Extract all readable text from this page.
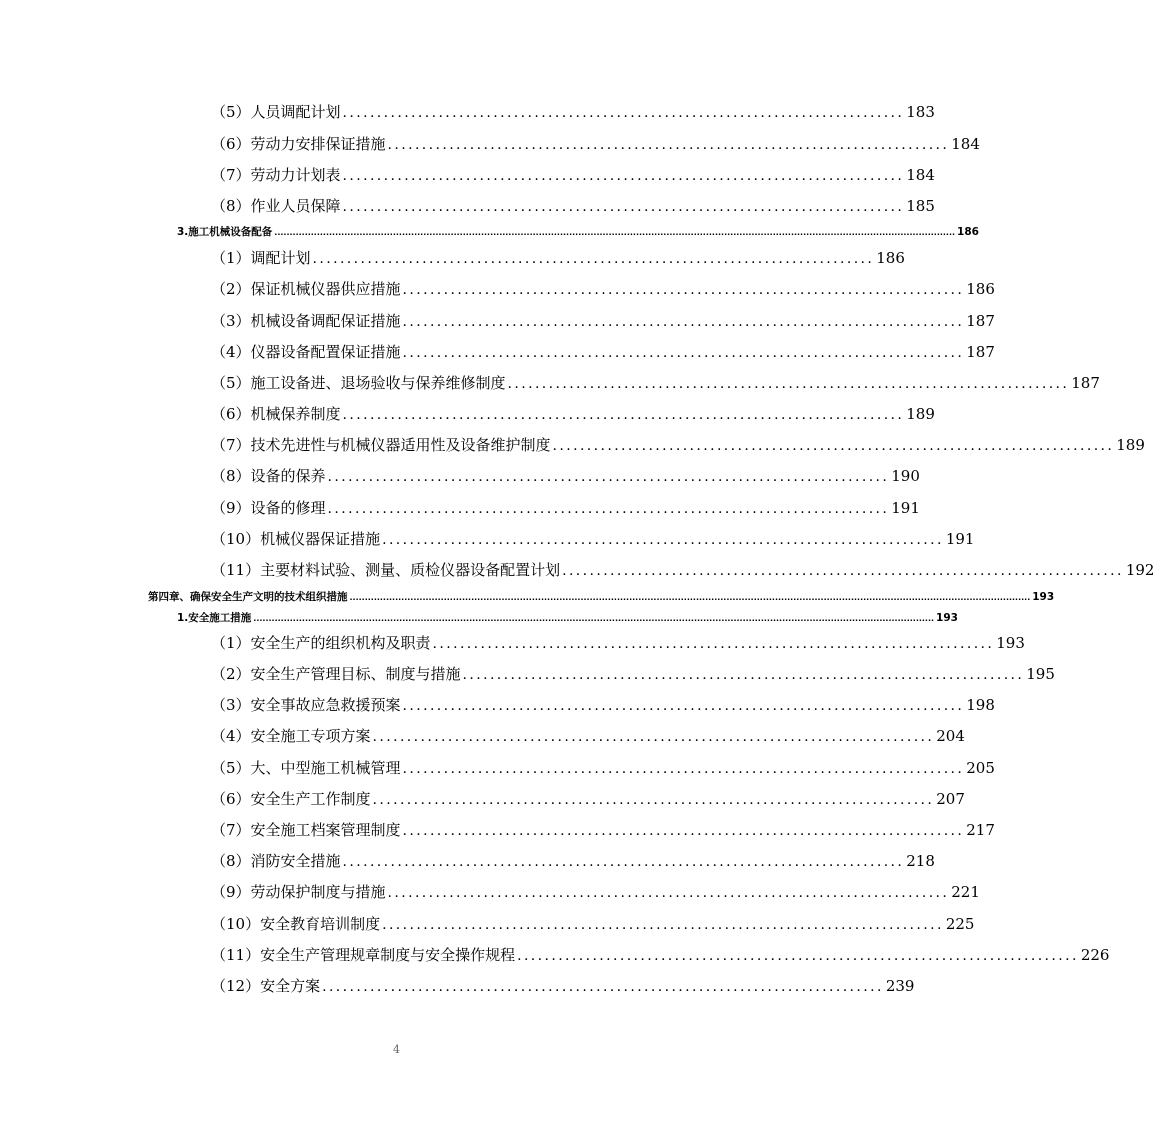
（5）人员调配计划 .................................................................................. 183
（6）劳动力安排保证措施 .................................................................................. 184
（7）劳动力计划表 .................................................................................. 184
（8）作业人员保障 .................................................................................. 185
3.施工机械设备配备 ................................................................................................................................................................................................................................ 186
（1）调配计划 .................................................................................. 186
（2）保证机械仪器供应措施 .................................................................................. 186
（3）机械设备调配保证措施 .................................................................................. 187
（4）仪器设备配置保证措施 .................................................................................. 187
（5）施工设备进、退场验收与保养维修制度 .................................................................................. 187
（6）机械保养制度 .................................................................................. 189
（7）技术先进性与机械仪器适用性及设备维护制度 .................................................................................. 189
（8）设备的保养 .................................................................................. 190
（9）设备的修理 .................................................................................. 191
（10）机械仪器保证措施 .................................................................................. 191
（11）主要材料试验、测量、质检仪器设备配置计划 .................................................................................. 192
第四章、确保安全生产文明的技术组织措施 ................................................................................................................................................................................................................................ 193
1.安全施工措施 ................................................................................................................................................................................................................................ 193
（1）安全生产的组织机构及职责 .................................................................................. 193
（2）安全生产管理目标、制度与措施 .................................................................................. 195
（3）安全事故应急救援预案 .................................................................................. 198
（4）安全施工专项方案 .................................................................................. 204
（5）大、中型施工机械管理 .................................................................................. 205
（6）安全生产工作制度 .................................................................................. 207
（7）安全施工档案管理制度 .................................................................................. 217
（8）消防安全措施 .................................................................................. 218
（9）劳动保护制度与措施 .................................................................................. 221
（10）安全教育培训制度 .................................................................................. 225
（11）安全生产管理规章制度与安全操作规程 .................................................................................. 226
（12）安全方案 .................................................................................. 239
4
